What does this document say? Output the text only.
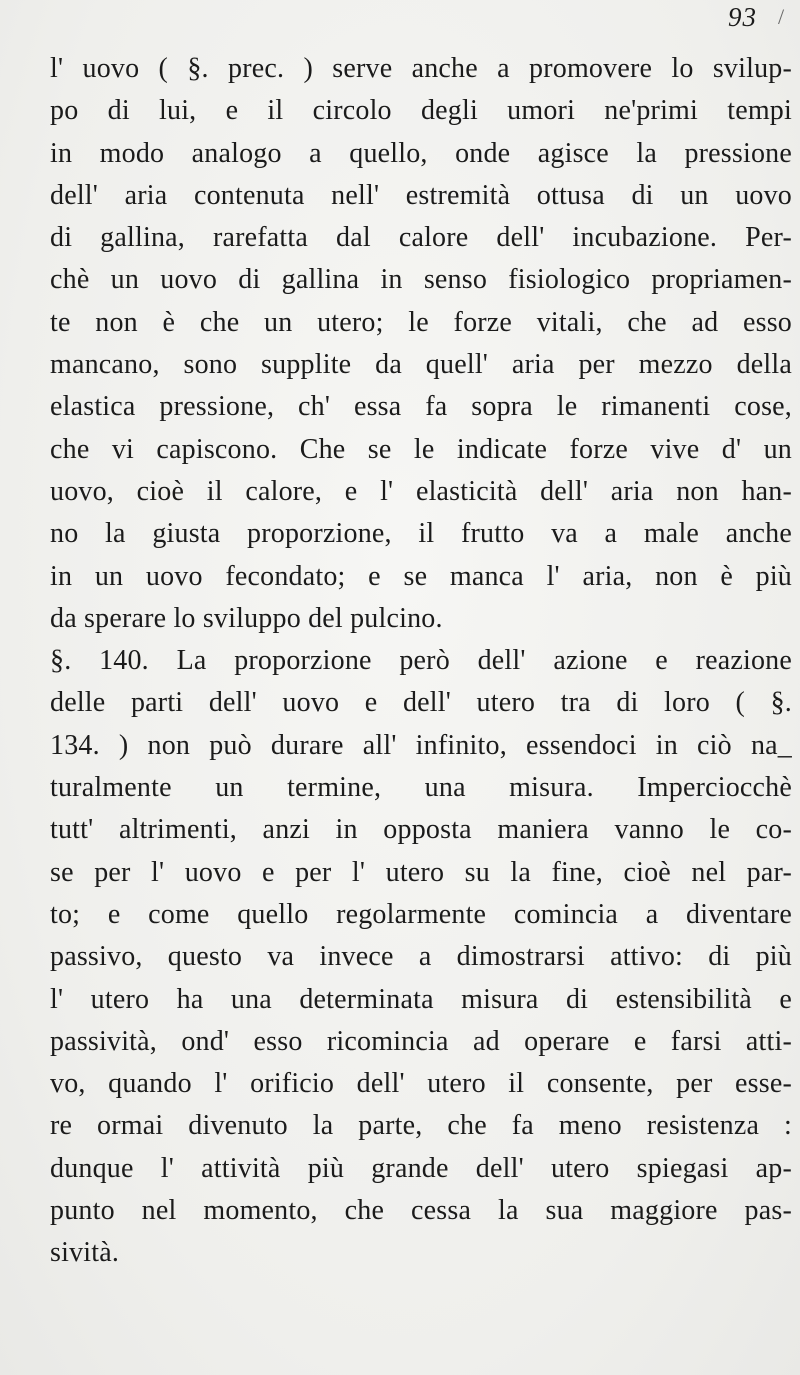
93 /
l' uovo ( §. prec. ) serve anche a promovere lo svilup-
po di lui, e il circolo degli umori ne'primi tempi
in modo analogo a quello, onde agisce la pressione
dell' aria contenuta nell' estremità ottusa di un uovo
di gallina, rarefatta dal calore dell' incubazione. Per-
chè un uovo di gallina in senso fisiologico propriamen-
te non è che un utero; le forze vitali, che ad esso
mancano, sono supplite da quell' aria per mezzo della
elastica pressione, ch' essa fa sopra le rimanenti cose,
che vi capiscono. Che se le indicate forze vive d' un
uovo, cioè il calore, e l' elasticità dell' aria non han-
no la giusta proporzione, il frutto va a male anche
in un uovo fecondato; e se manca l' aria, non è più
da sperare lo sviluppo del pulcino.
§. 140. La proporzione però dell' azione e reazione
delle parti dell' uovo e dell' utero tra di loro ( §.
134. ) non può durare all' infinito, essendoci in ciò na_
turalmente un termine, una misura. Imperciocchè
tutt' altrimenti, anzi in opposta maniera vanno le co-
se per l' uovo e per l' utero su la fine, cioè nel par-
to; e come quello regolarmente comincia a diventare
passivo, questo va invece a dimostrarsi attivo: di più
l' utero ha una determinata misura di estensibilità e
passività, ond' esso ricomincia ad operare e farsi atti-
vo, quando l' orificio dell' utero il consente, per esse-
re ormai divenuto la parte, che fa meno resistenza :
dunque l' attività più grande dell' utero spiegasi ap-
punto nel momento, che cessa la sua maggiore pas-
sività.
